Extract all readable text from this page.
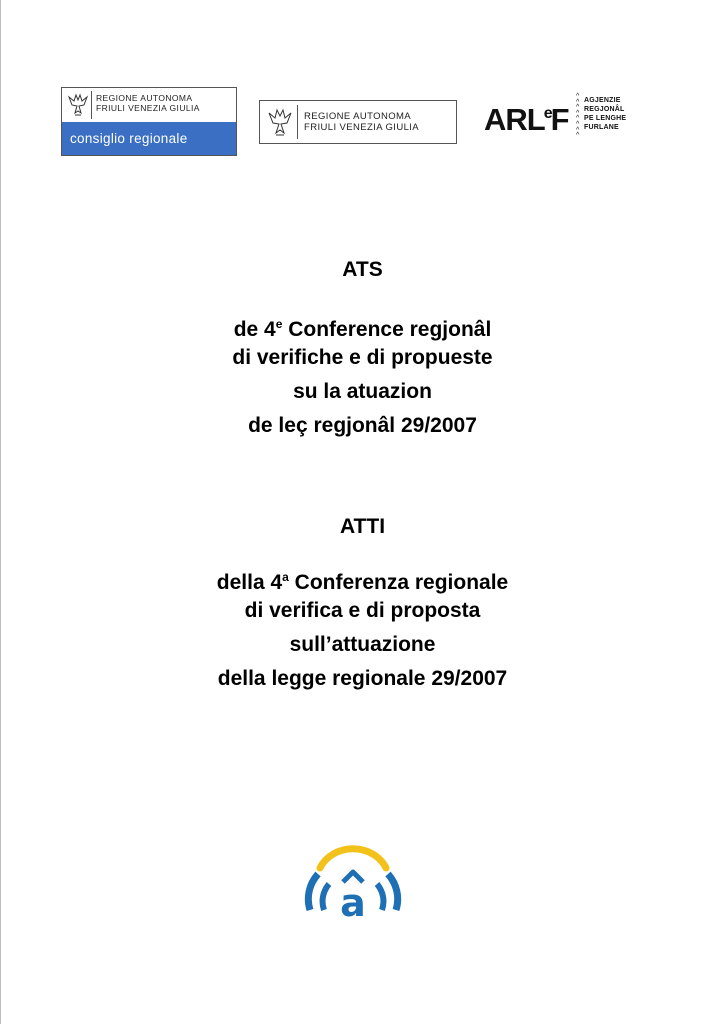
REGIONE AUTONOMA
FRIULI VENEZIA GIULIA
consiglio regionale
REGIONE AUTONOMA
FRIULI VENEZIA GIULIA ARL$^e$F
^
^
^
^
^
^
^
^
AGJENZIE
REGJONÂL
PE LENGHE
FURLANE
ATS
de 4e Conference regjonâl
di verifiche e di propueste
su la atuazion
de leç regjonâl 29/2007
ATTI
della 4$^a$ Conferenza regionale
di verifica e di proposta
sull’attuazione
della legge regionale 29/2007
a
